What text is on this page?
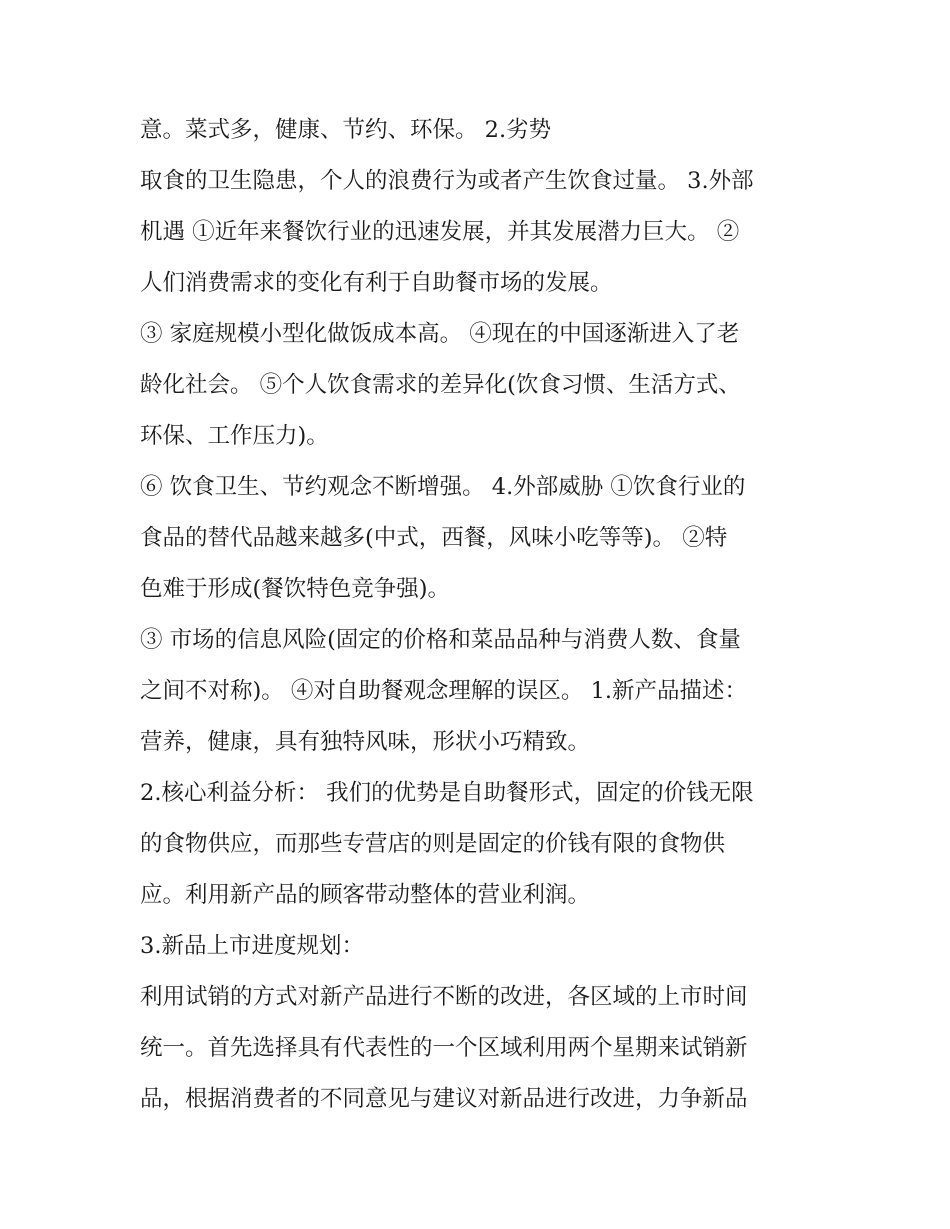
意。菜式多，健康、节约、环保。 2.劣势
取食的卫生隐患，个人的浪费行为或者产生饮食过量。 3.外部
机遇 ①近年来餐饮行业的迅速发展，并其发展潜力巨大。 ②
人们消费需求的变化有利于自助餐市场的发展。
③ 家庭规模小型化做饭成本高。 ④现在的中国逐渐进入了老
龄化社会。 ⑤个人饮食需求的差异化(饮食习惯、生活方式、
环保、工作压力)。
⑥ 饮食卫生、节约观念不断增强。 4.外部威胁 ①饮食行业的
食品的替代品越来越多(中式，西餐，风味小吃等等)。 ②特
色难于形成(餐饮特色竞争强)。
③ 市场的信息风险(固定的价格和菜品品种与消费人数、食量
之间不对称)。 ④对自助餐观念理解的误区。 1.新产品描述：
营养，健康，具有独特风味，形状小巧精致。
2.核心利益分析： 我们的优势是自助餐形式，固定的价钱无限
的食物供应，而那些专营店的则是固定的价钱有限的食物供
应。利用新产品的顾客带动整体的营业利润。
3.新品上市进度规划：
利用试销的方式对新产品进行不断的改进，各区域的上市时间
统一。首先选择具有代表性的一个区域利用两个星期来试销新
品，根据消费者的不同意见与建议对新品进行改进，力争新品
